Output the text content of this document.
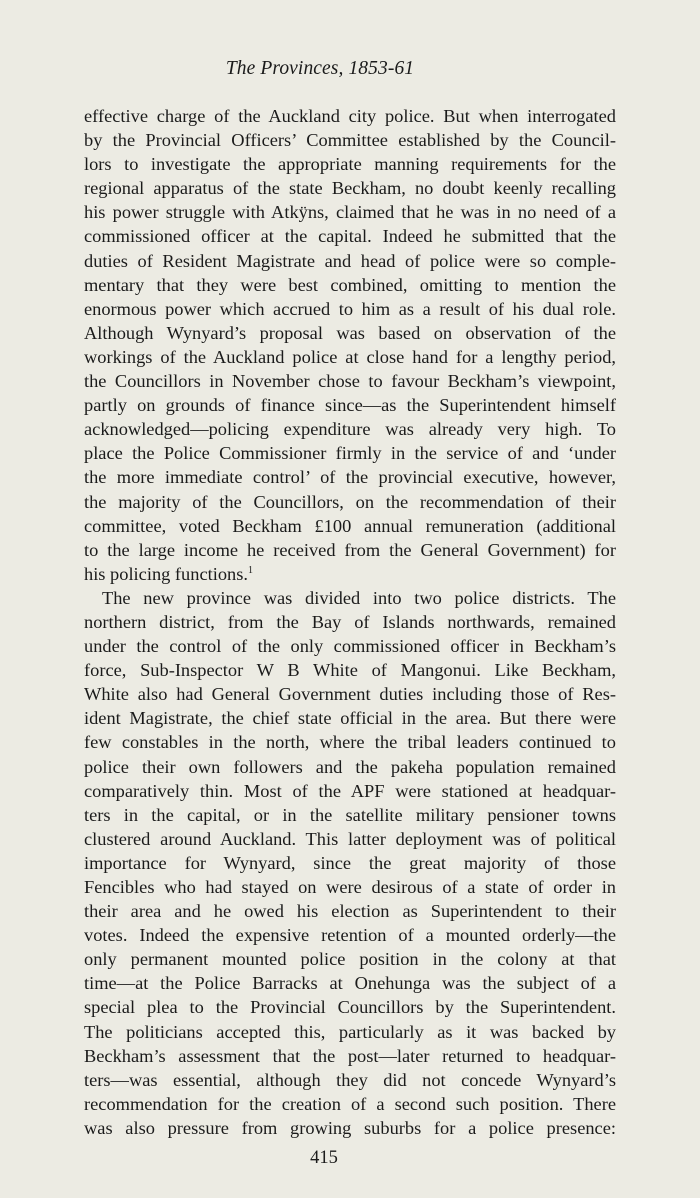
The Provinces, 1853-61
effective charge of the Auckland city police. But when interrogated
by the Provincial Officers’ Committee established by the Council-
lors to investigate the appropriate manning requirements for the
regional apparatus of the state Beckham, no doubt keenly recalling
his power struggle with Atkÿns, claimed that he was in no need of a
commissioned officer at the capital. Indeed he submitted that the
duties of Resident Magistrate and head of police were so comple-
mentary that they were best combined, omitting to mention the
enormous power which accrued to him as a result of his dual role.
Although Wynyard’s proposal was based on observation of the
workings of the Auckland police at close hand for a lengthy period,
the Councillors in November chose to favour Beckham’s viewpoint,
partly on grounds of finance since—as the Superintendent himself
acknowledged—policing expenditure was already very high. To
place the Police Commissioner firmly in the service of and ‘under
the more immediate control’ of the provincial executive, however,
the majority of the Councillors, on the recommendation of their
committee, voted Beckham £100 annual remuneration (additional
to the large income he received from the General Government) for
his policing functions.$^1$
The new province was divided into two police districts. The
northern district, from the Bay of Islands northwards, remained
under the control of the only commissioned officer in Beckham’s
force, Sub-Inspector W B White of Mangonui. Like Beckham,
White also had General Government duties including those of Res-
ident Magistrate, the chief state official in the area. But there were
few constables in the north, where the tribal leaders continued to
police their own followers and the pakeha population remained
comparatively thin. Most of the APF were stationed at headquar-
ters in the capital, or in the satellite military pensioner towns
clustered around Auckland. This latter deployment was of political
importance for Wynyard, since the great majority of those
Fencibles who had stayed on were desirous of a state of order in
their area and he owed his election as Superintendent to their
votes. Indeed the expensive retention of a mounted orderly—the
only permanent mounted police position in the colony at that
time—at the Police Barracks at Onehunga was the subject of a
special plea to the Provincial Councillors by the Superintendent.
The politicians accepted this, particularly as it was backed by
Beckham’s assessment that the post—later returned to headquar-
ters—was essential, although they did not concede Wynyard’s
recommendation for the creation of a second such position. There
was also pressure from growing suburbs for a police presence:
415
